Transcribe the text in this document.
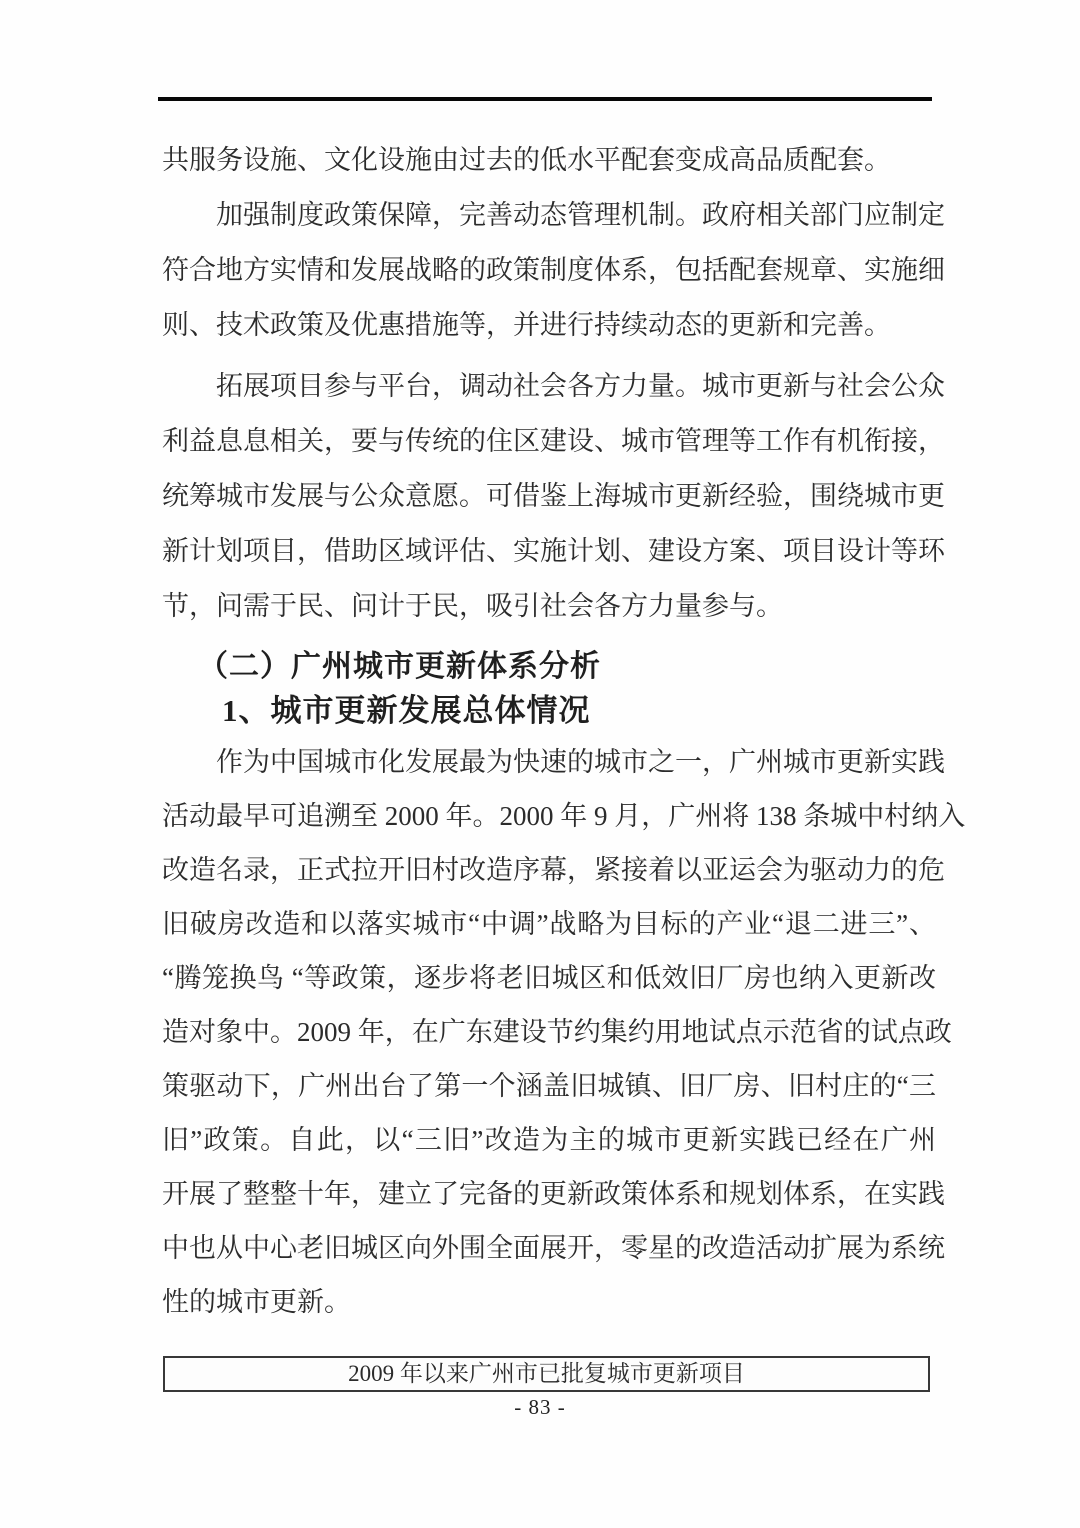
共服务设施、文化设施由过去的低水平配套变成高品质配套。
　　加强制度政策保障，完善动态管理机制。政府相关部门应制定
符合地方实情和发展战略的政策制度体系，包括配套规章、实施细
则、技术政策及优惠措施等，并进行持续动态的更新和完善。
　　拓展项目参与平台，调动社会各方力量。城市更新与社会公众
利益息息相关，要与传统的住区建设、城市管理等工作有机衔接，
统筹城市发展与公众意愿。可借鉴上海城市更新经验，围绕城市更
新计划项目，借助区域评估、实施计划、建设方案、项目设计等环
节，问需于民、问计于民，吸引社会各方力量参与。
（二）广州城市更新体系分析
1、城市更新发展总体情况
　　作为中国城市化发展最为快速的城市之一，广州城市更新实践
活动最早可追溯至 2000 年。2000 年 9 月，广州将 138 条城中村纳入
改造名录，正式拉开旧村改造序幕，紧接着以亚运会为驱动力的危
旧破房改造和以落实城市“中调”战略为目标的产业“退二进三”、
“腾笼换鸟 “等政策，逐步将老旧城区和低效旧厂房也纳入更新改
造对象中。2009 年，在广东建设节约集约用地试点示范省的试点政
策驱动下，广州出台了第一个涵盖旧城镇、旧厂房、旧村庄的“三
旧”政策。自此，以“三旧”改造为主的城市更新实践已经在广州
开展了整整十年，建立了完备的更新政策体系和规划体系，在实践
中也从中心老旧城区向外围全面展开，零星的改造活动扩展为系统
性的城市更新。
2009 年以来广州市已批复城市更新项目
- 83 -
